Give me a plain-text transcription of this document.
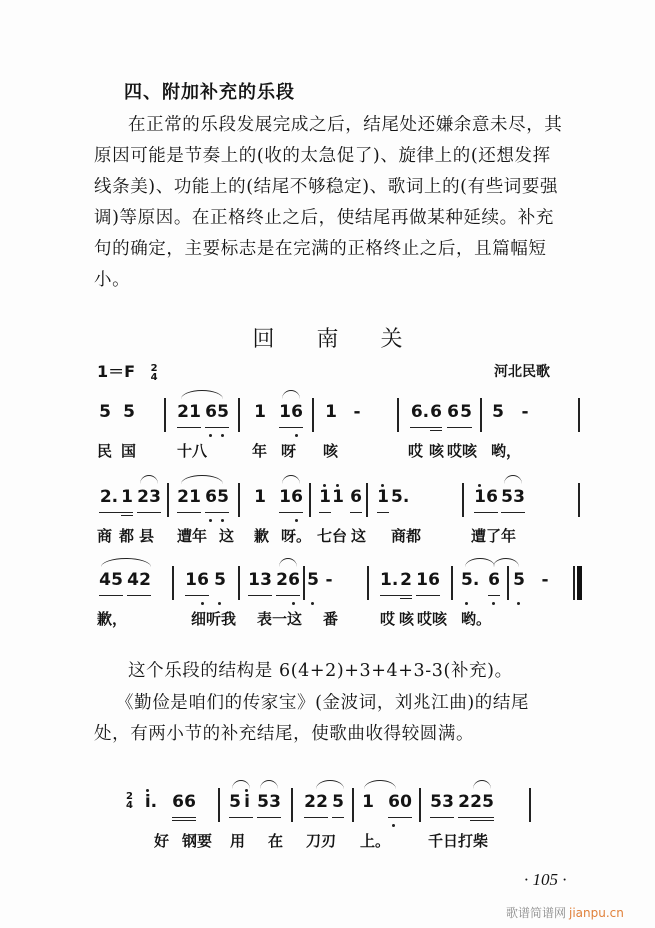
四、附加补充的乐段
在正常的乐段发展完成之后，结尾处还嫌余意未尽，其
原因可能是节奏上的(收的太急促了)、旋律上的(还想发挥
线条美)、功能上的(结尾不够稳定)、歌词上的(有些词要强
调)等原因。在正格终止之后，使结尾再做某种延续。补充
句的确定，主要标志是在完满的正格终止之后，且篇幅短
小。
回南关
1＝F 2
4	河北民歌
5 5 2 1 6 5 1 1 6 1 -	6. 6 6 5 5 -
民 国	十八	年 呀 咳	哎 咳 哎咳 哟，
2. 1 2 3 2 1 6 5 1 1 6 1 1 6 1 5.	1 6 5 3
商 都 县 遭年 这 歉 呀。 七台 这 商都	遭了年
4 5 4 2 1 6 5 1 3 2 6 5 -	1. 2 1 6 5. 6 5 -
歉，	细听我 表一这 番	哎 咳 哎咳 哟。
这个乐段的结构是 6(4+2)+3+4+3-3(补充)。
《勤俭是咱们的传家宝》(金波词，刘兆江曲)的结尾
处，有两小节的补充结尾，使歌曲收得较圆满。
2
4 i. 6 6 5 i 5 3 2 2 5 1 6 0 5 3 2 2 5
好 钢要 用 在 刀刃 上。	千日打柴
· 105 ·
歌谱简谱网 jianpu.cn
